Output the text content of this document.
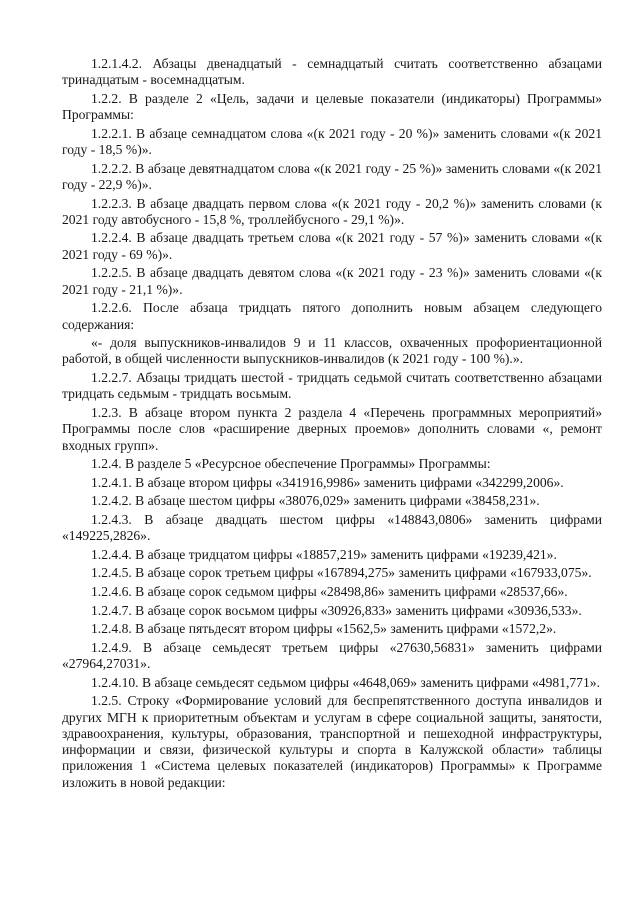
1.2.1.4.2. Абзацы двенадцатый - семнадцатый считать соответственно абзацами тринадцатым - восемнадцатым.

1.2.2. В разделе 2 «Цель, задачи и целевые показатели (индикаторы) Программы» Программы:

1.2.2.1. В абзаце семнадцатом слова «(к 2021 году - 20 %)» заменить словами «(к 2021 году - 18,5 %)».

1.2.2.2. В абзаце девятнадцатом слова «(к 2021 году - 25 %)» заменить словами «(к 2021 году - 22,9 %)».

1.2.2.3. В абзаце двадцать первом слова «(к 2021 году - 20,2 %)» заменить словами (к 2021 году автобусного - 15,8 %, троллейбусного - 29,1 %)».

1.2.2.4. В абзаце двадцать третьем слова «(к 2021 году - 57 %)» заменить словами «(к 2021 году - 69 %)».

1.2.2.5. В абзаце двадцать девятом слова «(к 2021 году - 23 %)» заменить словами «(к 2021 году - 21,1 %)».

1.2.2.6. После абзаца тридцать пятого дополнить новым абзацем следующего содержания:

«- доля выпускников-инвалидов 9 и 11 классов, охваченных профориентационной работой, в общей численности выпускников-инвалидов (к 2021 году - 100 %).».

1.2.2.7. Абзацы тридцать шестой - тридцать седьмой считать соответственно абзацами тридцать седьмым - тридцать восьмым.

1.2.3. В абзаце втором пункта 2 раздела 4 «Перечень программных мероприятий» Программы после слов «расширение дверных проемов» дополнить словами «, ремонт входных групп».

1.2.4. В разделе 5 «Ресурсное обеспечение Программы» Программы:

1.2.4.1. В абзаце втором цифры «341916,9986» заменить цифрами «342299,2006».

1.2.4.2. В абзаце шестом цифры «38076,029» заменить цифрами «38458,231».

1.2.4.3. В абзаце двадцать шестом цифры «148843,0806» заменить цифрами «149225,2826».

1.2.4.4. В абзаце тридцатом цифры «18857,219» заменить цифрами «19239,421».

1.2.4.5. В абзаце сорок третьем цифры «167894,275» заменить цифрами «167933,075».

1.2.4.6. В абзаце сорок седьмом цифры «28498,86» заменить цифрами «28537,66».

1.2.4.7. В абзаце сорок восьмом цифры «30926,833» заменить цифрами «30936,533».

1.2.4.8. В абзаце пятьдесят втором цифры «1562,5» заменить цифрами «1572,2».

1.2.4.9. В абзаце семьдесят третьем цифры «27630,56831» заменить цифрами «27964,27031».

1.2.4.10. В абзаце семьдесят седьмом цифры «4648,069» заменить цифрами «4981,771».

1.2.5. Строку «Формирование условий для беспрепятственного доступа инвалидов и других МГН к приоритетным объектам и услугам в сфере социальной защиты, занятости, здравоохранения, культуры, образования, транспортной и пешеходной инфраструктуры, информации и связи, физической культуры и спорта в Калужской области» таблицы приложения 1 «Система целевых показателей (индикаторов) Программы» к Программе изложить в новой редакции:
